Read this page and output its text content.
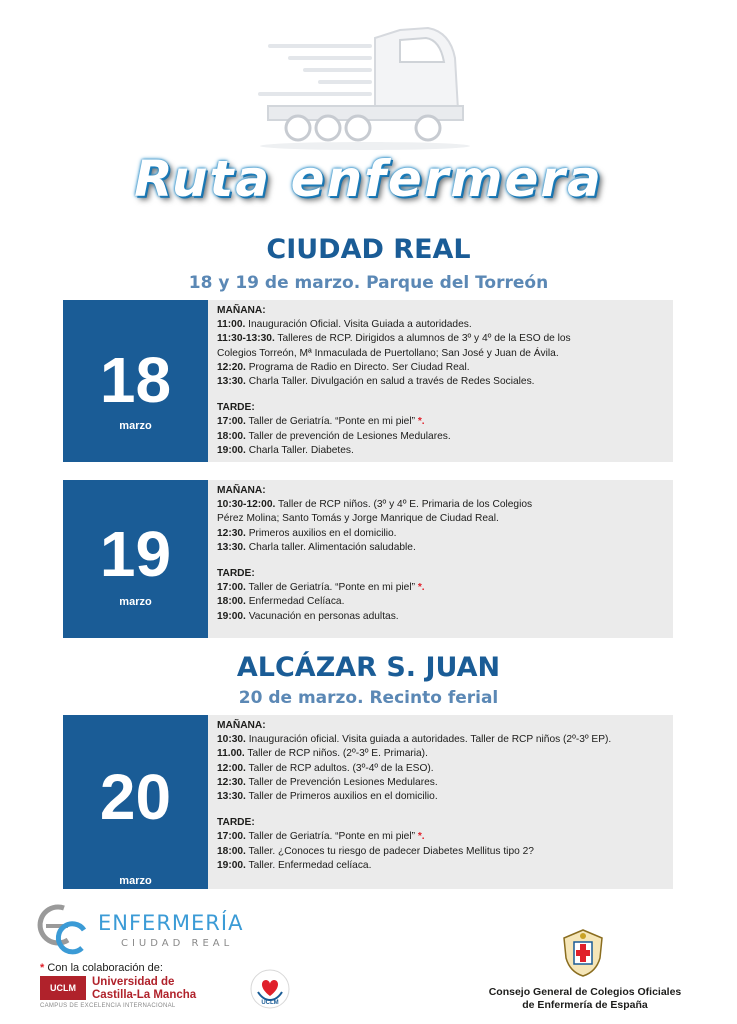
Ruta enfermera
CIUDAD REAL
18 y 19 de marzo. Parque del Torreón
18
marzo
MAÑANA:
11:00. Inauguración Oficial. Visita Guiada a autoridades.
11:30-13:30. Talleres de RCP. Dirigidos a alumnos de 3º y 4º de la ESO de los
Colegios Torreón, Mª Inmaculada de Puertollano; San José y Juan de Ávila.
12:20. Programa de Radio en Directo. Ser Ciudad Real.
13:30. Charla Taller. Divulgación en salud a través de Redes Sociales.
TARDE:
17:00. Taller de Geriatría. “Ponte en mi piel” *.
18:00. Taller de prevención de Lesiones Medulares.
19:00. Charla Taller. Diabetes.
19
marzo
MAÑANA:
10:30-12:00. Taller de RCP niños. (3º y 4º E. Primaria de los Colegios
Pérez Molina; Santo Tomás y Jorge Manrique de Ciudad Real.
12:30. Primeros auxilios en el domicilio.
13:30. Charla taller. Alimentación saludable.
TARDE:
17:00. Taller de Geriatría. “Ponte en mi piel” *.
18:00. Enfermedad Celíaca.
19:00. Vacunación en personas adultas.
ALCÁZAR S. JUAN
20 de marzo. Recinto ferial
20
marzo
MAÑANA:
10:30. Inauguración oficial. Visita guiada a autoridades. Taller de RCP niños (2º-3º EP).
11.00. Taller de RCP niños. (2º-3º E. Primaria).
12:00. Taller de RCP adultos. (3º-4º de la ESO).
12:30. Taller de Prevención Lesiones Medulares.
13:30. Taller de Primeros auxilios en el domicilio.
TARDE:
17:00. Taller de Geriatría. “Ponte en mi piel” *.
18:00. Taller. ¿Conoces tu riesgo de padecer Diabetes Mellitus tipo 2?
19:00. Taller. Enfermedad celíaca.
ENFERMERÍA
CIUDAD REAL
* Con la colaboración de:
UCLM	Universidad de
Castilla-La Mancha
CAMPUS DE EXCELENCIA INTERNACIONAL	UCLM
Consejo General de Colegios Oficiales
de Enfermería de España
